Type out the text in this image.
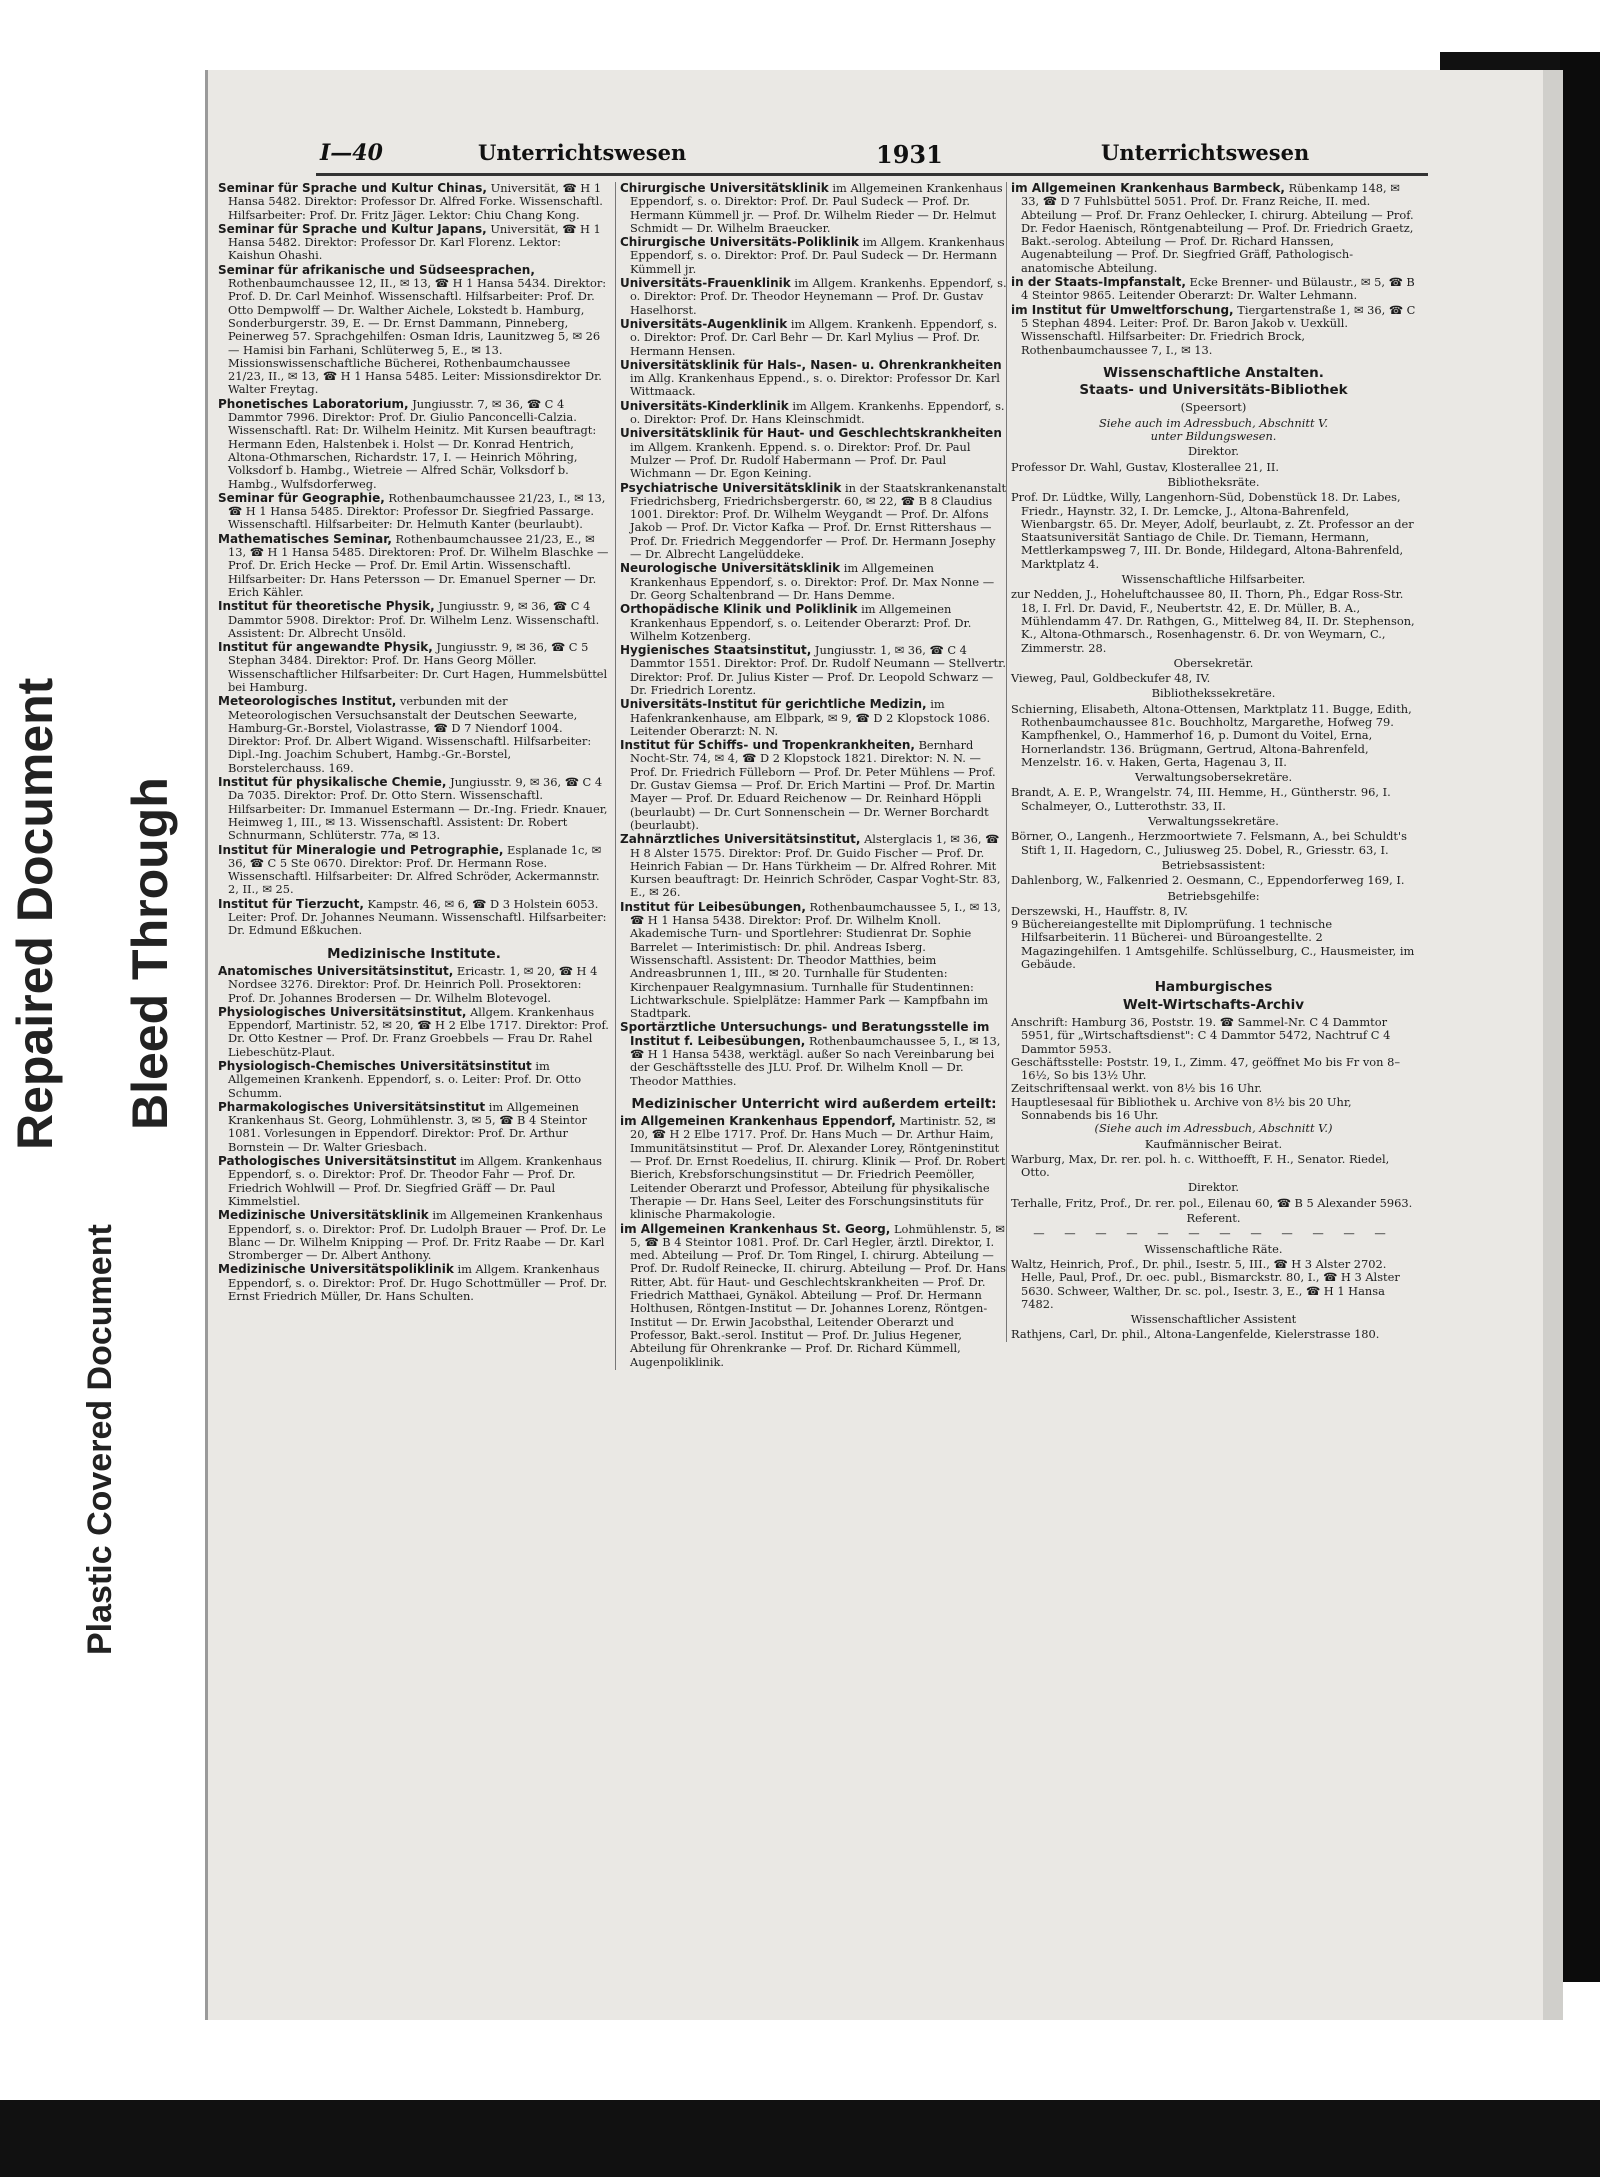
Repaired Document
Plastic Covered Document
Bleed Through
I—40	Unterrichtswesen	1931	Unterrichtswesen

Seminar für Sprache und Kultur Chinas, Universität, ☎ H 1 Hansa 5482. Direktor: Professor Dr. Alfred Forke. Wissenschaftl. Hilfsarbeiter: Prof. Dr. Fritz Jäger. Lektor: Chiu Chang Kong.

Seminar für Sprache und Kultur Japans, Universität, ☎ H 1 Hansa 5482. Direktor: Professor Dr. Karl Florenz. Lektor: Kaishun Ohashi.

Seminar für afrikanische und Südseesprachen, Rothenbaumchaussee 12, II., ✉ 13, ☎ H 1 Hansa 5434. Direktor: Prof. D. Dr. Carl Meinhof. Wissenschaftl. Hilfsarbeiter: Prof. Dr. Otto Dempwolff — Dr. Walther Aichele, Lokstedt b. Hamburg, Sonderburgerstr. 39, E. — Dr. Ernst Dammann, Pinneberg, Peinerweg 57. Sprachgehilfen: Osman Idris, Launitzweg 5, ✉ 26 — Hamisi bin Farhani, Schlüterweg 5, E., ✉ 13. Missionswissenschaftliche Bücherei, Rothenbaumchaussee 21/23, II., ✉ 13, ☎ H 1 Hansa 5485. Leiter: Missionsdirektor Dr. Walter Freytag.

Phonetisches Laboratorium, Jungiusstr. 7, ✉ 36, ☎ C 4 Dammtor 7996. Direktor: Prof. Dr. Giulio Panconcelli-Calzia. Wissenschaftl. Rat: Dr. Wilhelm Heinitz. Mit Kursen beauftragt: Hermann Eden, Halstenbek i. Holst — Dr. Konrad Hentrich, Altona-Othmarschen, Richardstr. 17, I. — Heinrich Möhring, Volksdorf b. Hambg., Wietreie — Alfred Schär, Volksdorf b. Hambg., Wulfsdorferweg.

Seminar für Geographie, Rothenbaumchaussee 21/23, I., ✉ 13, ☎ H 1 Hansa 5485. Direktor: Professor Dr. Siegfried Passarge. Wissenschaftl. Hilfsarbeiter: Dr. Helmuth Kanter (beurlaubt).

Mathematisches Seminar, Rothenbaumchaussee 21/23, E., ✉ 13, ☎ H 1 Hansa 5485. Direktoren: Prof. Dr. Wilhelm Blaschke — Prof. Dr. Erich Hecke — Prof. Dr. Emil Artin. Wissenschaftl. Hilfsarbeiter: Dr. Hans Petersson — Dr. Emanuel Sperner — Dr. Erich Kähler.

Institut für theoretische Physik, Jungiusstr. 9, ✉ 36, ☎ C 4 Dammtor 5908. Direktor: Prof. Dr. Wilhelm Lenz. Wissenschaftl. Assistent: Dr. Albrecht Unsöld.

Institut für angewandte Physik, Jungiusstr. 9, ✉ 36, ☎ C 5 Stephan 3484. Direktor: Prof. Dr. Hans Georg Möller. Wissenschaftlicher Hilfsarbeiter: Dr. Curt Hagen, Hummelsbüttel bei Hamburg.

Meteorologisches Institut, verbunden mit der Meteorologischen Versuchsanstalt der Deutschen Seewarte, Hamburg-Gr.-Borstel, Violastrasse, ☎ D 7 Niendorf 1004. Direktor: Prof. Dr. Albert Wigand. Wissenschaftl. Hilfsarbeiter: Dipl.-Ing. Joachim Schubert, Hambg.-Gr.-Borstel, Borstelerchauss. 169.

Institut für physikalische Chemie, Jungiusstr. 9, ✉ 36, ☎ C 4 Da 7035. Direktor: Prof. Dr. Otto Stern. Wissenschaftl. Hilfsarbeiter: Dr. Immanuel Estermann — Dr.-Ing. Friedr. Knauer, Heimweg 1, III., ✉ 13. Wissenschaftl. Assistent: Dr. Robert Schnurmann, Schlüterstr. 77a, ✉ 13.

Institut für Mineralogie und Petrographie, Esplanade 1c, ✉ 36, ☎ C 5 Ste 0670. Direktor: Prof. Dr. Hermann Rose. Wissenschaftl. Hilfsarbeiter: Dr. Alfred Schröder, Ackermannstr. 2, II., ✉ 25.

Institut für Tierzucht, Kampstr. 46, ✉ 6, ☎ D 3 Holstein 6053. Leiter: Prof. Dr. Johannes Neumann. Wissenschaftl. Hilfsarbeiter: Dr. Edmund Eßkuchen.

Medizinische Institute.

Anatomisches Universitätsinstitut, Ericastr. 1, ✉ 20, ☎ H 4 Nordsee 3276. Direktor: Prof. Dr. Heinrich Poll. Prosektoren: Prof. Dr. Johannes Brodersen — Dr. Wilhelm Blotevogel.

Physiologisches Universitätsinstitut, Allgem. Krankenhaus Eppendorf, Martinistr. 52, ✉ 20, ☎ H 2 Elbe 1717. Direktor: Prof. Dr. Otto Kestner — Prof. Dr. Franz Groebbels — Frau Dr. Rahel Liebeschütz-Plaut.

Physiologisch-Chemisches Universitätsinstitut im Allgemeinen Krankenh. Eppendorf, s. o. Leiter: Prof. Dr. Otto Schumm.

Pharmakologisches Universitätsinstitut im Allgemeinen Krankenhaus St. Georg, Lohmühlenstr. 3, ✉ 5, ☎ B 4 Steintor 1081. Vorlesungen in Eppendorf. Direktor: Prof. Dr. Arthur Bornstein — Dr. Walter Griesbach.

Pathologisches Universitätsinstitut im Allgem. Krankenhaus Eppendorf, s. o. Direktor: Prof. Dr. Theodor Fahr — Prof. Dr. Friedrich Wohlwill — Prof. Dr. Siegfried Gräff — Dr. Paul Kimmelstiel.

Medizinische Universitätsklinik im Allgemeinen Krankenhaus Eppendorf, s. o. Direktor: Prof. Dr. Ludolph Brauer — Prof. Dr. Le Blanc — Dr. Wilhelm Knipping — Prof. Dr. Fritz Raabe — Dr. Karl Stromberger — Dr. Albert Anthony.

Medizinische Universitätspoliklinik im Allgem. Krankenhaus Eppendorf, s. o. Direktor: Prof. Dr. Hugo Schottmüller — Prof. Dr. Ernst Friedrich Müller, Dr. Hans Schulten.

Chirurgische Universitätsklinik im Allgemeinen Krankenhaus Eppendorf, s. o. Direktor: Prof. Dr. Paul Sudeck — Prof. Dr. Hermann Kümmell jr. — Prof. Dr. Wilhelm Rieder — Dr. Helmut Schmidt — Dr. Wilhelm Braeucker.

Chirurgische Universitäts-Poliklinik im Allgem. Krankenhaus Eppendorf, s. o. Direktor: Prof. Dr. Paul Sudeck — Dr. Hermann Kümmell jr.

Universitäts-Frauenklinik im Allgem. Krankenhs. Eppendorf, s. o. Direktor: Prof. Dr. Theodor Heynemann — Prof. Dr. Gustav Haselhorst.

Universitäts-Augenklinik im Allgem. Krankenh. Eppendorf, s. o. Direktor: Prof. Dr. Carl Behr — Dr. Karl Mylius — Prof. Dr. Hermann Hensen.

Universitätsklinik für Hals-, Nasen- u. Ohrenkrankheiten im Allg. Krankenhaus Eppend., s. o. Direktor: Professor Dr. Karl Wittmaack.

Universitäts-Kinderklinik im Allgem. Krankenhs. Eppendorf, s. o. Direktor: Prof. Dr. Hans Kleinschmidt.

Universitätsklinik für Haut- und Geschlechtskrankheiten im Allgem. Krankenh. Eppend. s. o. Direktor: Prof. Dr. Paul Mulzer — Prof. Dr. Rudolf Habermann — Prof. Dr. Paul Wichmann — Dr. Egon Keining.

Psychiatrische Universitätsklinik in der Staatskrankenanstalt Friedrichsberg, Friedrichsbergerstr. 60, ✉ 22, ☎ B 8 Claudius 1001. Direktor: Prof. Dr. Wilhelm Weygandt — Prof. Dr. Alfons Jakob — Prof. Dr. Victor Kafka — Prof. Dr. Ernst Rittershaus — Prof. Dr. Friedrich Meggendorfer — Prof. Dr. Hermann Josephy — Dr. Albrecht Langelüddeke.

Neurologische Universitätsklinik im Allgemeinen Krankenhaus Eppendorf, s. o. Direktor: Prof. Dr. Max Nonne — Dr. Georg Schaltenbrand — Dr. Hans Demme.

Orthopädische Klinik und Poliklinik im Allgemeinen Krankenhaus Eppendorf, s. o. Leitender Oberarzt: Prof. Dr. Wilhelm Kotzenberg.

Hygienisches Staatsinstitut, Jungiusstr. 1, ✉ 36, ☎ C 4 Dammtor 1551. Direktor: Prof. Dr. Rudolf Neumann — Stellvertr. Direktor: Prof. Dr. Julius Kister — Prof. Dr. Leopold Schwarz — Dr. Friedrich Lorentz.

Universitäts-Institut für gerichtliche Medizin, im Hafenkrankenhause, am Elbpark, ✉ 9, ☎ D 2 Klopstock 1086. Leitender Oberarzt: N. N.

Institut für Schiffs- und Tropenkrankheiten, Bernhard Nocht-Str. 74, ✉ 4, ☎ D 2 Klopstock 1821. Direktor: N. N. — Prof. Dr. Friedrich Fülleborn — Prof. Dr. Peter Mühlens — Prof. Dr. Gustav Giemsa — Prof. Dr. Erich Martini — Prof. Dr. Martin Mayer — Prof. Dr. Eduard Reichenow — Dr. Reinhard Höppli (beurlaubt) — Dr. Curt Sonnenschein — Dr. Werner Borchardt (beurlaubt).

Zahnärztliches Universitätsinstitut, Alsterglacis 1, ✉ 36, ☎ H 8 Alster 1575. Direktor: Prof. Dr. Guido Fischer — Prof. Dr. Heinrich Fabian — Dr. Hans Türkheim — Dr. Alfred Rohrer. Mit Kursen beauftragt: Dr. Heinrich Schröder, Caspar Voght-Str. 83, E., ✉ 26.

Institut für Leibesübungen, Rothenbaumchaussee 5, I., ✉ 13, ☎ H 1 Hansa 5438. Direktor: Prof. Dr. Wilhelm Knoll. Akademische Turn- und Sportlehrer: Studienrat Dr. Sophie Barrelet — Interimistisch: Dr. phil. Andreas Isberg. Wissenschaftl. Assistent: Dr. Theodor Matthies, beim Andreasbrunnen 1, III., ✉ 20. Turnhalle für Studenten: Kirchenpauer Realgymnasium. Turnhalle für Studentinnen: Lichtwarkschule. Spielplätze: Hammer Park — Kampfbahn im Stadtpark.

Sportärztliche Untersuchungs- und Beratungsstelle im Institut f. Leibesübungen, Rothenbaumchaussee 5, I., ✉ 13, ☎ H 1 Hansa 5438, werktägl. außer So nach Vereinbarung bei der Geschäftsstelle des JLU. Prof. Dr. Wilhelm Knoll — Dr. Theodor Matthies.

Medizinischer Unterricht wird außerdem erteilt:

im Allgemeinen Krankenhaus Eppendorf, Martinistr. 52, ✉ 20, ☎ H 2 Elbe 1717. Prof. Dr. Hans Much — Dr. Arthur Haim, Immunitätsinstitut — Prof. Dr. Alexander Lorey, Röntgeninstitut — Prof. Dr. Ernst Roedelius, II. chirurg. Klinik — Prof. Dr. Robert Bierich, Krebsforschungsinstitut — Dr. Friedrich Peemöller, Leitender Oberarzt und Professor, Abteilung für physikalische Therapie — Dr. Hans Seel, Leiter des Forschungsinstituts für klinische Pharmakologie.

im Allgemeinen Krankenhaus St. Georg, Lohmühlenstr. 5, ✉ 5, ☎ B 4 Steintor 1081. Prof. Dr. Carl Hegler, ärztl. Direktor, I. med. Abteilung — Prof. Dr. Tom Ringel, I. chirurg. Abteilung — Prof. Dr. Rudolf Reinecke, II. chirurg. Abteilung — Prof. Dr. Hans Ritter, Abt. für Haut- und Geschlechtskrankheiten — Prof. Dr. Friedrich Matthaei, Gynäkol. Abteilung — Prof. Dr. Hermann Holthusen, Röntgen-Institut — Dr. Johannes Lorenz, Röntgen-Institut — Dr. Erwin Jacobsthal, Leitender Oberarzt und Professor, Bakt.-serol. Institut — Prof. Dr. Julius Hegener, Abteilung für Ohrenkranke — Prof. Dr. Richard Kümmell, Augenpoliklinik.

im Allgemeinen Krankenhaus Barmbeck, Rübenkamp 148, ✉ 33, ☎ D 7 Fuhlsbüttel 5051. Prof. Dr. Franz Reiche, II. med. Abteilung — Prof. Dr. Franz Oehlecker, I. chirurg. Abteilung — Prof. Dr. Fedor Haenisch, Röntgenabteilung — Prof. Dr. Friedrich Graetz, Bakt.-serolog. Abteilung — Prof. Dr. Richard Hanssen, Augenabteilung — Prof. Dr. Siegfried Gräff, Pathologisch-anatomische Abteilung.

in der Staats-Impfanstalt, Ecke Brenner- und Bülaustr., ✉ 5, ☎ B 4 Steintor 9865. Leitender Oberarzt: Dr. Walter Lehmann.

im Institut für Umweltforschung, Tiergartenstraße 1, ✉ 36, ☎ C 5 Stephan 4894. Leiter: Prof. Dr. Baron Jakob v. Uexküll. Wissenschaftl. Hilfsarbeiter: Dr. Friedrich Brock, Rothenbaumchaussee 7, I., ✉ 13.

Wissenschaftliche Anstalten.
Staats- und Universitäts-Bibliothek

(Speersort)

Siehe auch im Adressbuch, Abschnitt V.

unter Bildungswesen.

Direktor.

Professor Dr. Wahl, Gustav, Klosterallee 21, II.

Bibliotheksräte.

Prof. Dr. Lüdtke, Willy, Langenhorn-Süd, Dobenstück 18. Dr. Labes, Friedr., Haynstr. 32, I. Dr. Lemcke, J., Altona-Bahrenfeld, Wienbargstr. 65. Dr. Meyer, Adolf, beurlaubt, z. Zt. Professor an der Staatsuniversität Santiago de Chile. Dr. Tiemann, Hermann, Mettlerkampsweg 7, III. Dr. Bonde, Hildegard, Altona-Bahrenfeld, Marktplatz 4.

Wissenschaftliche Hilfsarbeiter.

zur Nedden, J., Hoheluftchaussee 80, II. Thorn, Ph., Edgar Ross-Str. 18, I. Frl. Dr. David, F., Neubertstr. 42, E. Dr. Müller, B. A., Mühlendamm 47. Dr. Rathgen, G., Mittelweg 84, II. Dr. Stephenson, K., Altona-Othmarsch., Rosenhagenstr. 6. Dr. von Weymarn, C., Zimmerstr. 28.

Obersekretär.

Vieweg, Paul, Goldbeckufer 48, IV.

Bibliothekssekretäre.

Schierning, Elisabeth, Altona-Ottensen, Marktplatz 11. Bugge, Edith, Rothenbaumchaussee 81c. Bouchholtz, Margarethe, Hofweg 79. Kampfhenkel, O., Hammerhof 16, p. Dumont du Voitel, Erna, Hornerlandstr. 136. Brügmann, Gertrud, Altona-Bahrenfeld, Menzelstr. 16. v. Haken, Gerta, Hagenau 3, II.

Verwaltungsobersekretäre.

Brandt, A. E. P., Wrangelstr. 74, III. Hemme, H., Güntherstr. 96, I. Schalmeyer, O., Lutterothstr. 33, II.

Verwaltungssekretäre.

Börner, O., Langenh., Herzmoortwiete 7. Felsmann, A., bei Schuldt's Stift 1, II. Hagedorn, C., Juliusweg 25. Dobel, R., Griesstr. 63, I.

Betriebsassistent:

Dahlenborg, W., Falkenried 2. Oesmann, C., Eppendorferweg 169, I.

Betriebsgehilfe:

Derszewski, H., Hauffstr. 8, IV.

9 Büchereiangestellte mit Diplomprüfung. 1 technische Hilfsarbeiterin. 11 Bücherei- und Büroangestellte. 2 Magazingehilfen. 1 Amtsgehilfe. Schlüsselburg, C., Hausmeister, im Gebäude.

Hamburgisches
Welt-Wirtschafts-Archiv

Anschrift: Hamburg 36, Poststr. 19. ☎ Sammel-Nr. C 4 Dammtor 5951, für „Wirtschaftsdienst": C 4 Dammtor 5472, Nachtruf C 4 Dammtor 5953.

Geschäftsstelle: Poststr. 19, I., Zimm. 47, geöffnet Mo bis Fr von 8–16½, So bis 13½ Uhr.

Zeitschriftensaal werkt. von 8½ bis 16 Uhr.

Hauptlesesaal für Bibliothek u. Archive von 8½ bis 20 Uhr, Sonnabends bis 16 Uhr.

(Siehe auch im Adressbuch, Abschnitt V.)

Kaufmännischer Beirat.

Warburg, Max, Dr. rer. pol. h. c. Witthoefft, F. H., Senator. Riedel, Otto.

Direktor.

Terhalle, Fritz, Prof., Dr. rer. pol., Eilenau 60, ☎ B 5 Alexander 5963.

Referent.

— — — — — — — — — — — —

Wissenschaftliche Räte.

Waltz, Heinrich, Prof., Dr. phil., Isestr. 5, III., ☎ H 3 Alster 2702. Helle, Paul, Prof., Dr. oec. publ., Bismarckstr. 80, I., ☎ H 3 Alster 5630. Schweer, Walther, Dr. sc. pol., Isestr. 3, E., ☎ H 1 Hansa 7482.

Wissenschaftlicher Assistent

Rathjens, Carl, Dr. phil., Altona-Langenfelde, Kielerstrasse 180.
